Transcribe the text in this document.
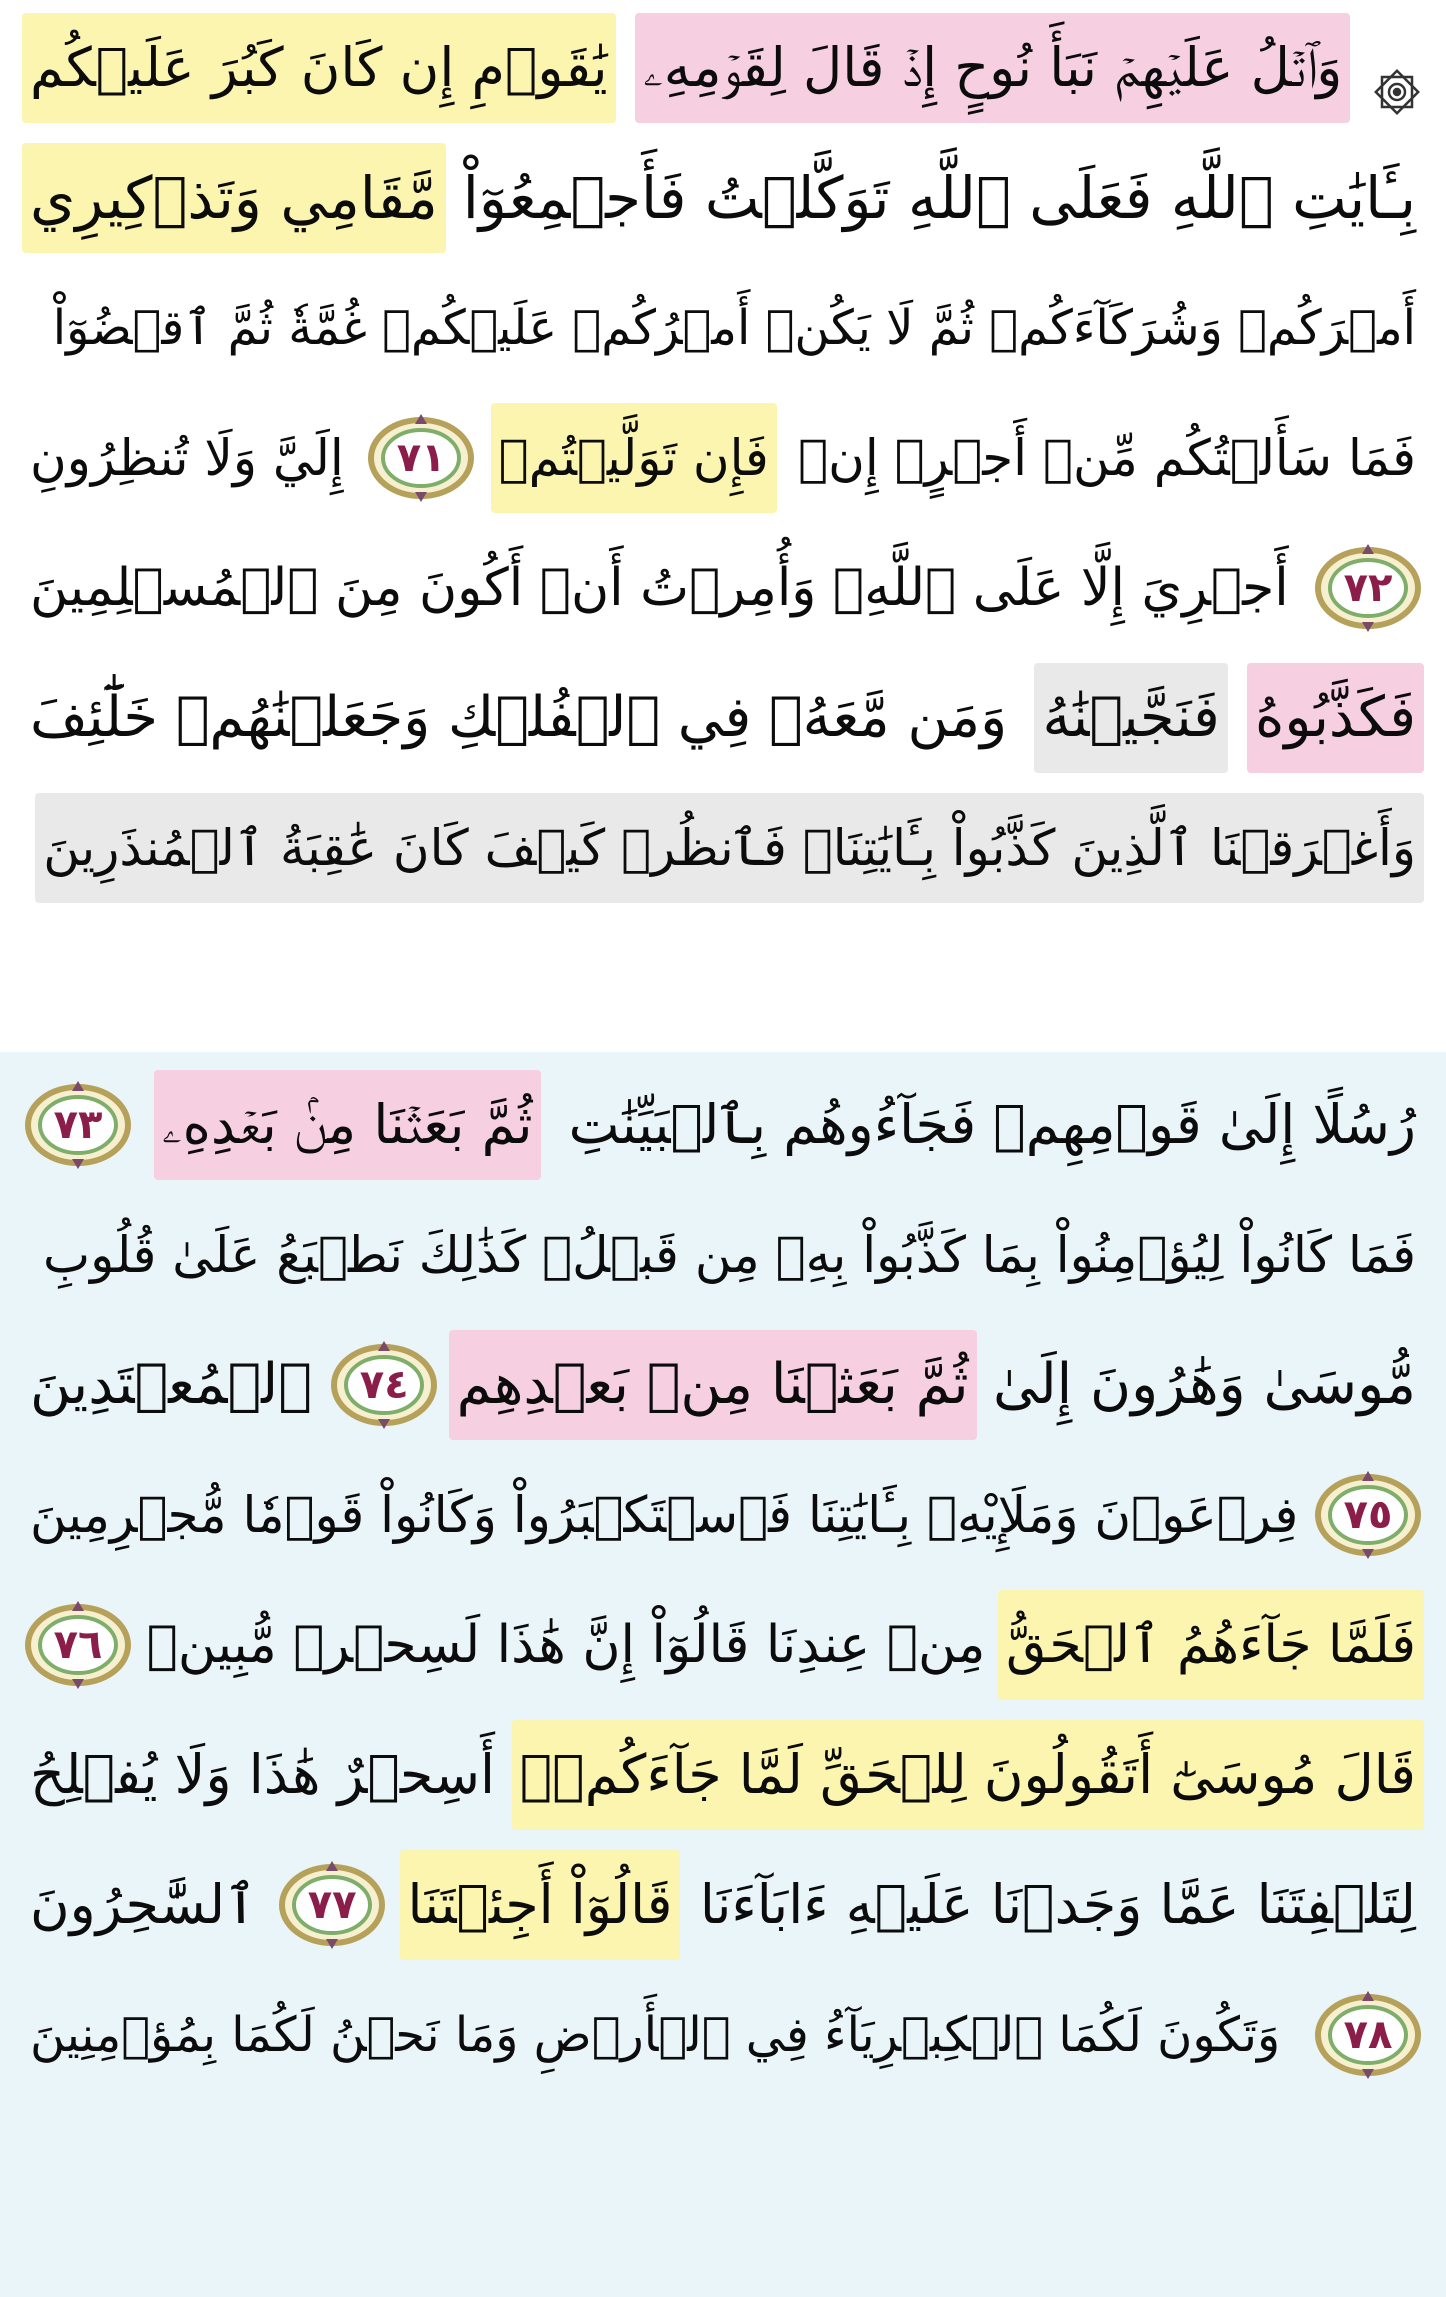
وَٱتۡلُ عَلَيۡهِمۡ نَبَأَ نُوحٍ إِذۡ قَالَ لِقَوۡمِهِۦ
يَٰقَوۡمِ إِن كَانَ كَبُرَ عَلَيۡكُم
بِـَٔايَٰتِ ٱللَّهِ فَعَلَى ٱللَّهِ تَوَكَّلۡتُ فَأَجۡمِعُوٓاْ
مَّقَامِي وَتَذۡكِيرِي
أَمۡرَكُمۡ وَشُرَكَآءَكُمۡ ثُمَّ لَا يَكُنۡ أَمۡرُكُمۡ عَلَيۡكُمۡ غُمَّةٗ ثُمَّ ٱقۡضُوٓاْ
فَمَا سَأَلۡتُكُم مِّنۡ أَجۡرٍۖ إِنۡ
فَإِن تَوَلَّيۡتُمۡ
٧١
إِلَيَّ وَلَا تُنظِرُونِ
٧٢
أَجۡرِيَ إِلَّا عَلَى ٱللَّهِۖ وَأُمِرۡتُ أَنۡ أَكُونَ مِنَ ٱلۡمُسۡلِمِينَ
فَكَذَّبُوهُ
فَنَجَّيۡنَٰهُ
وَمَن مَّعَهُۥ فِي ٱلۡفُلۡكِ وَجَعَلۡنَٰهُمۡ خَلَٰٓئِفَ
وَأَغۡرَقۡنَا ٱلَّذِينَ كَذَّبُواْ بِـَٔايَٰتِنَاۖ فَٱنظُرۡ كَيۡفَ كَانَ عَٰقِبَةُ ٱلۡمُنذَرِينَ
رُسُلًا إِلَىٰ قَوۡمِهِمۡ فَجَآءُوهُم بِٱلۡبَيِّنَٰتِ
ثُمَّ بَعَثۡنَا مِنۢ بَعۡدِهِۦ
٧٣
فَمَا كَانُواْ لِيُؤۡمِنُواْ بِمَا كَذَّبُواْ بِهِۦ مِن قَبۡلُۚ كَذَٰلِكَ نَطۡبَعُ عَلَىٰ قُلُوبِ
مُّوسَىٰ وَهَٰرُونَ إِلَىٰ
ثُمَّ بَعَثۡنَا مِنۢ بَعۡدِهِم
٧٤
ٱلۡمُعۡتَدِينَ
٧٥
فِرۡعَوۡنَ وَمَلَإِيْهِۦ بِـَٔايَٰتِنَا فَٱسۡتَكۡبَرُواْ وَكَانُواْ قَوۡمٗا مُّجۡرِمِينَ
فَلَمَّا جَآءَهُمُ ٱلۡحَقُّ
مِنۡ عِندِنَا قَالُوٓاْ إِنَّ هَٰذَا لَسِحۡرٞ مُّبِينٞ
٧٦
قَالَ مُوسَىٰٓ أَتَقُولُونَ لِلۡحَقِّ لَمَّا جَآءَكُمۡۖ
أَسِحۡرٌ هَٰذَا وَلَا يُفۡلِحُ
لِتَلۡفِتَنَا عَمَّا وَجَدۡنَا عَلَيۡهِ ءَابَآءَنَا
قَالُوٓاْ أَجِئۡتَنَا
٧٧
ٱلسَّٰحِرُونَ
٧٨
وَتَكُونَ لَكُمَا ٱلۡكِبۡرِيَآءُ فِي ٱلۡأَرۡضِ وَمَا نَحۡنُ لَكُمَا بِمُؤۡمِنِينَ
